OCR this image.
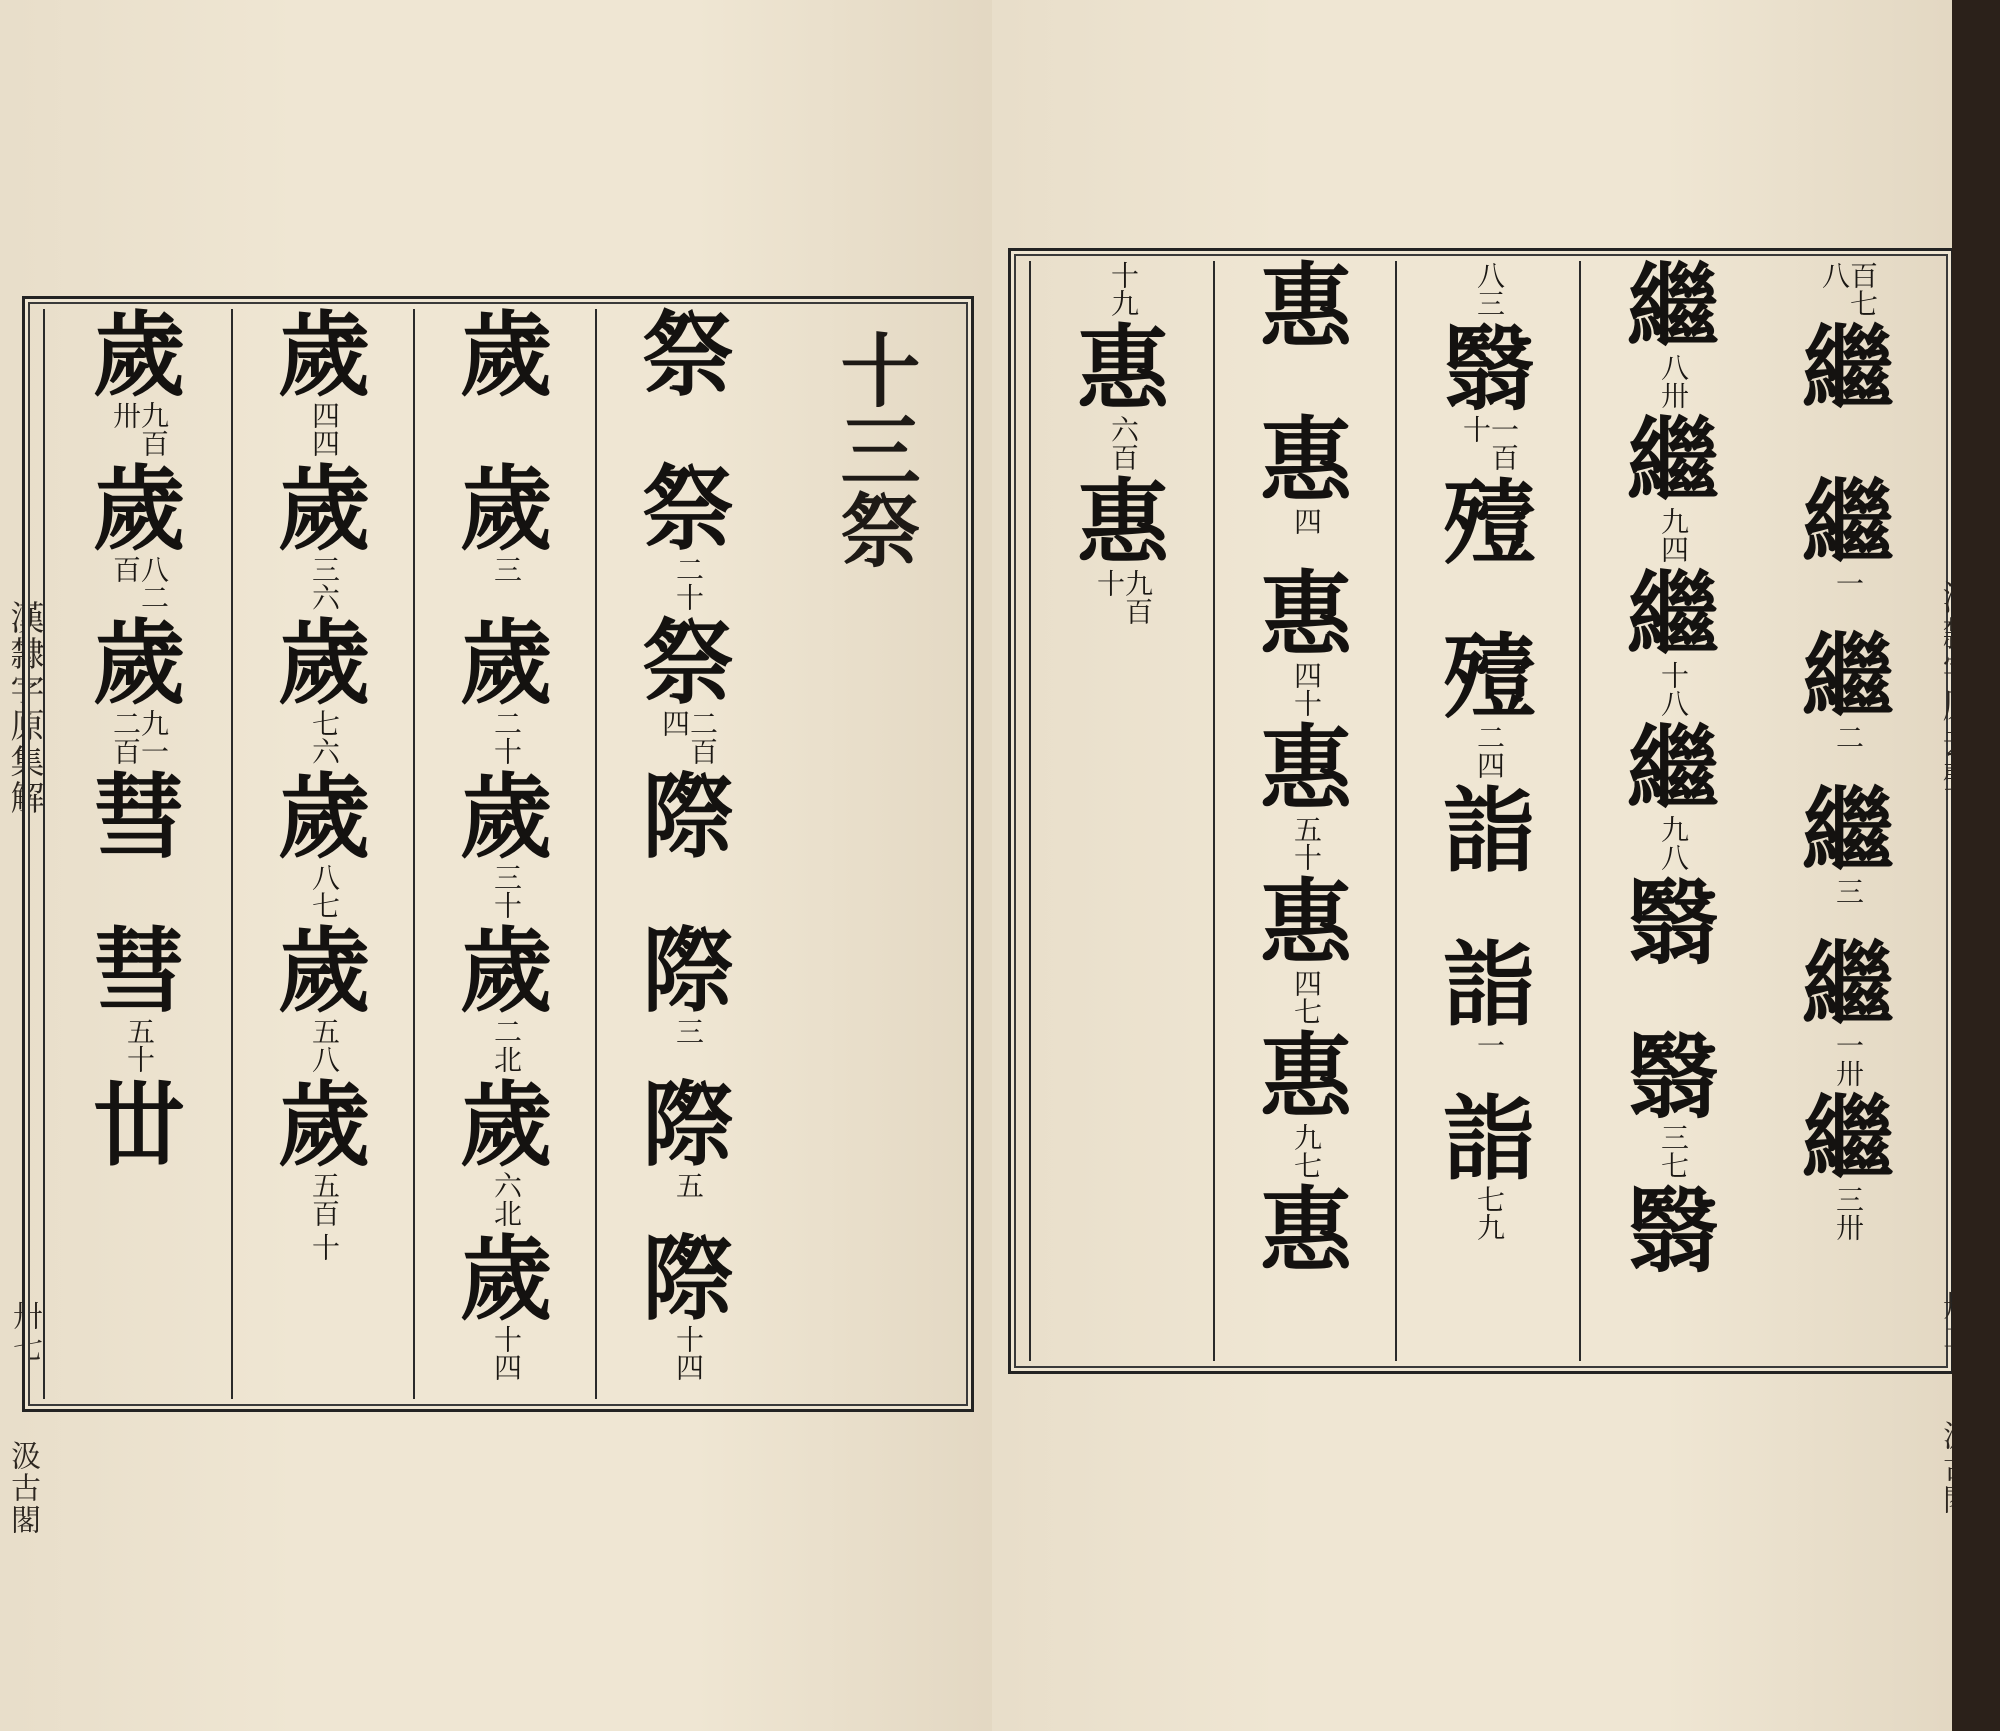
漢隸字原集解
卅七
汲古閣
十三祭
祭
祭
二十
祭
二百四
際
際
三
際
五
際
十四
歲
歲
三
歲
二十
歲
三十
歲
二北
歲
六北
歲
十四
歲
四四
歲
三六
歲
七六
歲
八七
歲
五八
歲
五百
十
歲
九百卅
歲
八二百
歲
九一二百
彗
彗
五十
丗
百七八
繼
繼
一
繼
二
繼
三
繼
一卅
繼
三卅
繼
八卅
繼
九四
繼
十八
繼
九八
翳
翳
三七
翳
八三
翳
一百十
殪
殪
二四
詣
詣
一
詣
七九
惠
惠
四
惠
四十
惠
五十
惠
四七
惠
九七
惠
十九
惠
六百
惠
九百十
